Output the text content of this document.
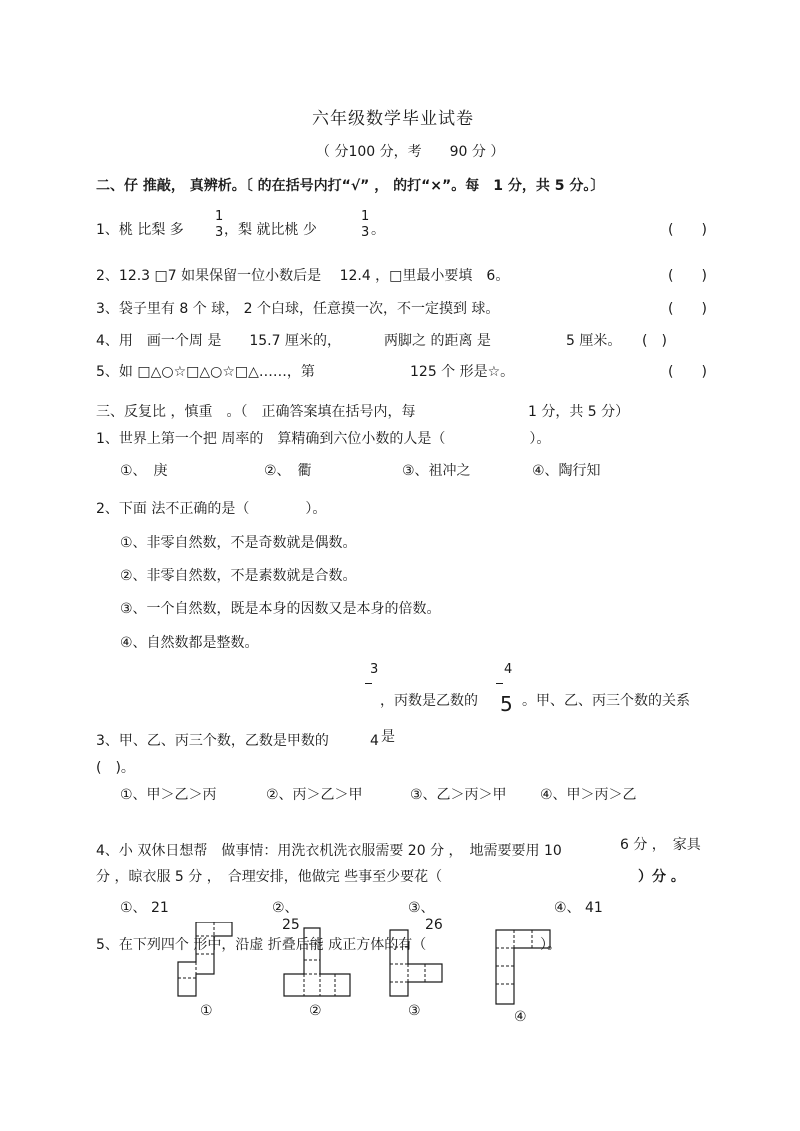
六年级数学毕业试卷
（ 分100 分，考　　90 分 ）
二、仔 推敲， 真辨析。〔 的在括号内打“√” ， 的打“×”。每　1 分，共 5 分。〕
1、桃 比梨 多
1
3 ，梨 就比桃 少
1
3 。	(　　)
2、12.3 □7 如果保留一位小数后是　 12.4 ，□里最小要填　6。	(　　)
3、袋子里有 8 个 球， 2 个白球，任意摸一次，不一定摸到 球。	(　　)
4、用　画一个周 是　　15.7 厘米的，	两脚之 的距离 是	5 厘米。 (　)
5、如 □△○☆□△○☆□△……，第	125 个 形是☆。	(　　)
三、反复比 ，慎重　。（　正确答案填在括号内，每	1 分，共 5 分）
1、世界上第一个把 周率的　算精确到六位小数的人是（　　　　　　）。
①、　庚	②、　衢	③、祖冲之	④、陶行知
2、下面 法不正确的是（　　　　）。
①、非零自然数，不是奇数就是偶数。
②、非零自然数，不是素数就是合数。
③、一个自然数，既是本身的因数又是本身的倍数。
④、自然数都是整数。
3	4
，丙数是乙数的 5 。甲、乙、丙三个数的关系
3、甲、乙、丙三个数，乙数是甲数的	4 是
(　)。
①、甲＞乙＞丙	②、丙＞乙＞甲	③、乙＞丙＞甲 ④、甲＞丙＞乙
4、小 双休日想帮　做事情：用洗衣机洗衣服需要 20 分 ，　地需要要用 10	6 分 ，　家具
分 ，晾衣服 5 分 ，　合理安排，他做完 些事至少要花（	）分 。
①、 21	②、
25
③、
26
④、 41
5、在下列四个 形中，沿虚 折叠后能 成正方体的有（	）。
①	②	③	④
